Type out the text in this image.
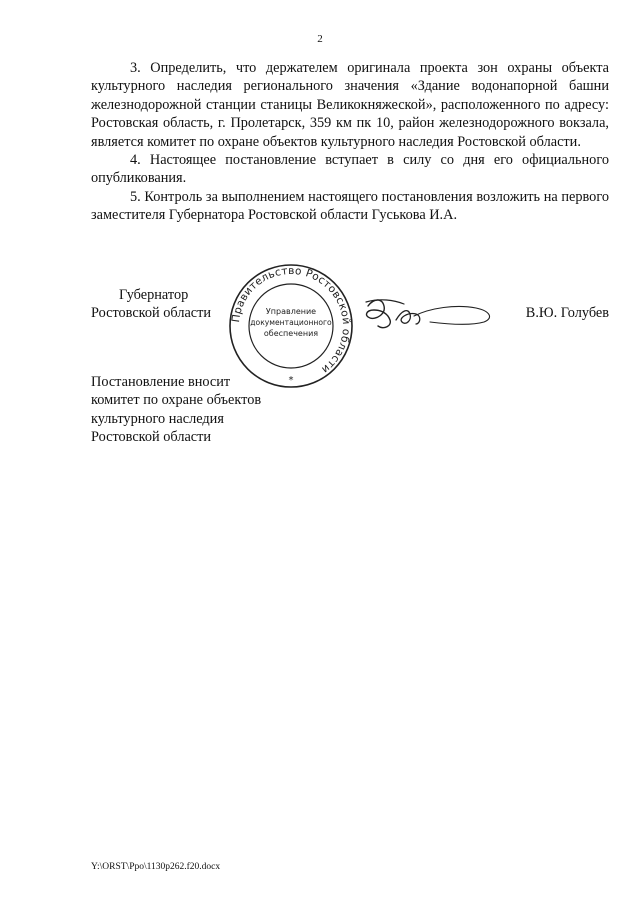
2

3. Определить, что держателем оригинала проекта зон охраны объекта культурного наследия регионального значения «Здание водонапорной башни железнодорожной станции станицы Великокняжеской», расположенного по адресу: Ростовская область, г. Пролетарск, 359 км пк 10, район железнодорожного вокзала, является комитет по охране объектов культурного наследия Ростовской области.

4. Настоящее постановление вступает в силу со дня его официального опубликования.

5. Контроль за выполнением настоящего постановления возложить на первого заместителя Губернатора Ростовской области Гуськова И.А.

Губернатор
Ростовской области	Правительство Ростовской области
Управление
документационного
обеспечения
*
В.Ю. Голубев
Постановление вносит
комитет по охране объектов
культурного наследия
Ростовской области
Y:\ORST\Ppo\1130p262.f20.docx
